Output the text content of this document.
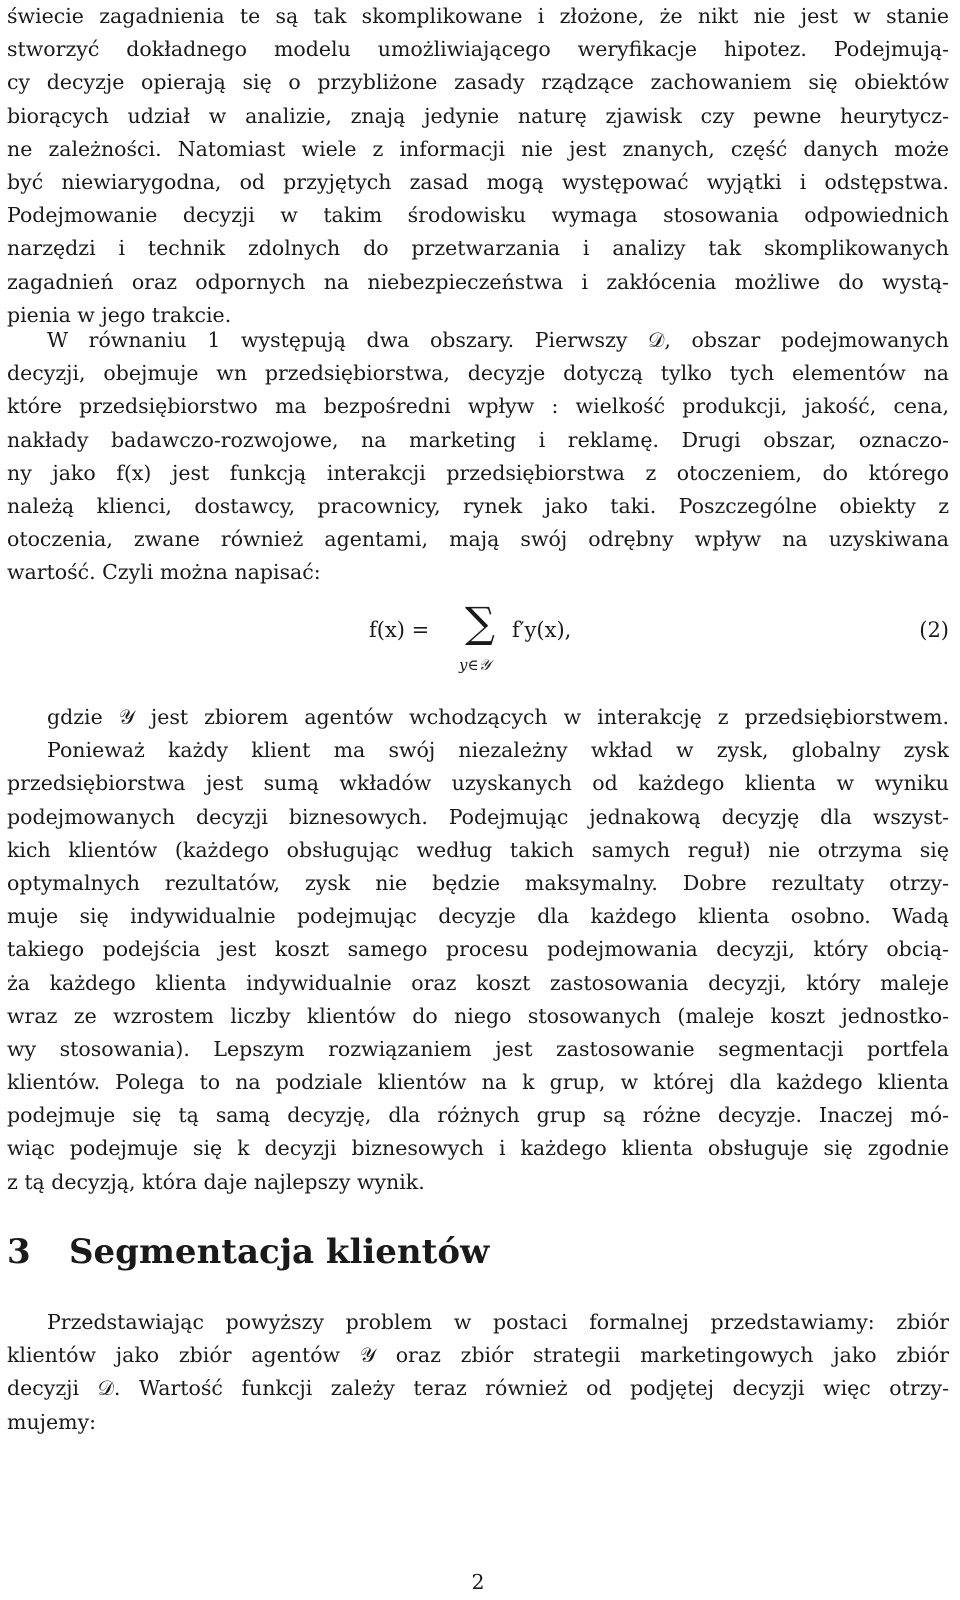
świecie zagadnienia te są tak skomplikowane i złożone, że nikt nie jest w stanie
stworzyć dokładnego modelu umożliwiającego weryfikacje hipotez. Podejmują-
cy decyzje opierają się o przybliżone zasady rządzące zachowaniem się obiektów
biorących udział w analizie, znają jedynie naturę zjawisk czy pewne heurytycz-
ne zależności. Natomiast wiele z informacji nie jest znanych, część danych może
być niewiarygodna, od przyjętych zasad mogą występować wyjątki i odstępstwa.
Podejmowanie decyzji w takim środowisku wymaga stosowania odpowiednich
narzędzi i technik zdolnych do przetwarzania i analizy tak skomplikowanych
zagadnień oraz odpornych na niebezpieczeństwa i zakłócenia możliwe do wystą-
pienia w jego trakcie.
W równaniu 1 występują dwa obszary. Pierwszy 𝒟, obszar podejmowanych
decyzji, obejmuje wn przedsiębiorstwa, decyzje dotyczą tylko tych elementów na
które przedsiębiorstwo ma bezpośredni wpływ : wielkość produkcji, jakość, cena,
nakłady badawczo-rozwojowe, na marketing i reklamę. Drugi obszar, oznaczo-
ny jako f(x) jest funkcją interakcji przedsiębiorstwa z otoczeniem, do którego
należą klienci, dostawcy, pracownicy, rynek jako taki. Poszczególne obiekty z
otoczenia, zwane również agentami, mają swój odrębny wpływ na uzyskiwana
wartość. Czyli można napisać:
f(x) = ∑
y∈𝒴
f′y(x),	(2)
gdzie 𝒴 jest zbiorem agentów wchodzących w interakcję z przedsiębiorstwem.
Ponieważ każdy klient ma swój niezależny wkład w zysk, globalny zysk
przedsiębiorstwa jest sumą wkładów uzyskanych od każdego klienta w wyniku
podejmowanych decyzji biznesowych. Podejmując jednakową decyzję dla wszyst-
kich klientów (każdego obsługując według takich samych reguł) nie otrzyma się
optymalnych rezultatów, zysk nie będzie maksymalny. Dobre rezultaty otrzy-
muje się indywidualnie podejmując decyzje dla każdego klienta osobno. Wadą
takiego podejścia jest koszt samego procesu podejmowania decyzji, który obcią-
ża każdego klienta indywidualnie oraz koszt zastosowania decyzji, który maleje
wraz ze wzrostem liczby klientów do niego stosowanych (maleje koszt jednostko-
wy stosowania). Lepszym rozwiązaniem jest zastosowanie segmentacji portfela
klientów. Polega to na podziale klientów na k grup, w której dla każdego klienta
podejmuje się tą samą decyzję, dla różnych grup są różne decyzje. Inaczej mó-
wiąc podejmuje się k decyzji biznesowych i każdego klienta obsługuje się zgodnie
z tą decyzją, która daje najlepszy wynik.
3 Segmentacja klientów
Przedstawiając powyższy problem w postaci formalnej przedstawiamy: zbiór
klientów jako zbiór agentów 𝒴 oraz zbiór strategii marketingowych jako zbiór
decyzji 𝒟. Wartość funkcji zależy teraz również od podjętej decyzji więc otrzy-
mujemy:
2
